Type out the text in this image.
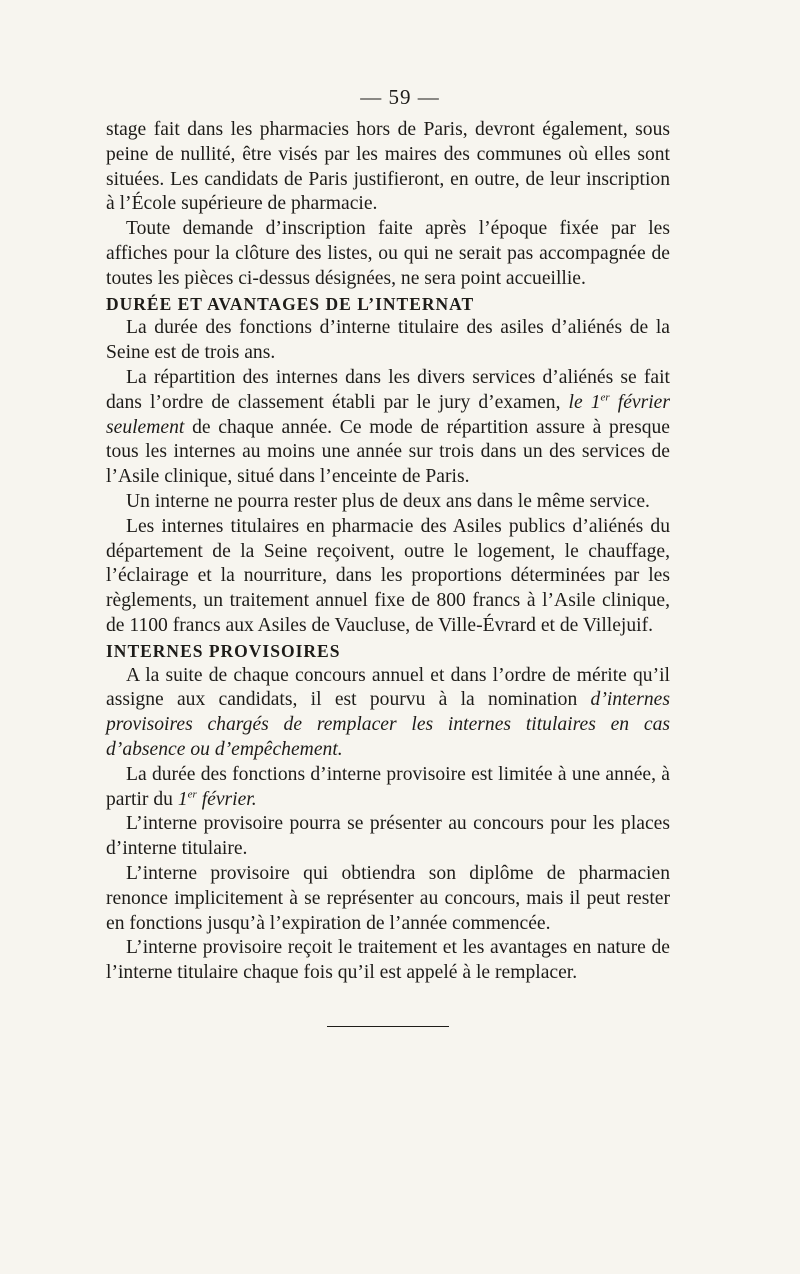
— 59 —

stage fait dans les pharmacies hors de Paris, devront également, sous peine de nullité, être visés par les maires des communes où elles sont situées. Les candidats de Paris justifieront, en outre, de leur inscription à l’École supérieure de pharmacie.

Toute demande d’inscription faite après l’époque fixée par les affiches pour la clôture des listes, ou qui ne serait pas accompagnée de toutes les pièces ci-dessus désignées, ne sera point accueillie.

DURÉE ET AVANTAGES DE L’INTERNAT

La durée des fonctions d’interne titulaire des asiles d’aliénés de la Seine est de trois ans.

La répartition des internes dans les divers services d’aliénés se fait dans l’ordre de classement établi par le jury d’examen, le 1er février seulement de chaque année. Ce mode de répartition assure à presque tous les internes au moins une année sur trois dans un des services de l’Asile clinique, situé dans l’enceinte de Paris.

Un interne ne pourra rester plus de deux ans dans le même service.

Les internes titulaires en pharmacie des Asiles publics d’aliénés du département de la Seine reçoivent, outre le logement, le chauffage, l’éclairage et la nourriture, dans les proportions déterminées par les règlements, un traitement annuel fixe de 800 francs à l’Asile clinique, de 1100 francs aux Asiles de Vaucluse, de Ville-Évrard et de Villejuif.

INTERNES PROVISOIRES

A la suite de chaque concours annuel et dans l’ordre de mérite qu’il assigne aux candidats, il est pourvu à la nomination d’internes provisoires chargés de remplacer les internes titulaires en cas d’absence ou d’empêchement.

La durée des fonctions d’interne provisoire est limitée à une année, à partir du 1er février.

L’interne provisoire pourra se présenter au concours pour les places d’interne titulaire.

L’interne provisoire qui obtiendra son diplôme de pharmacien renonce implicitement à se représenter au concours, mais il peut rester en fonctions jusqu’à l’expiration de l’année commencée.

L’interne provisoire reçoit le traitement et les avantages en nature de l’interne titulaire chaque fois qu’il est appelé à le remplacer.
